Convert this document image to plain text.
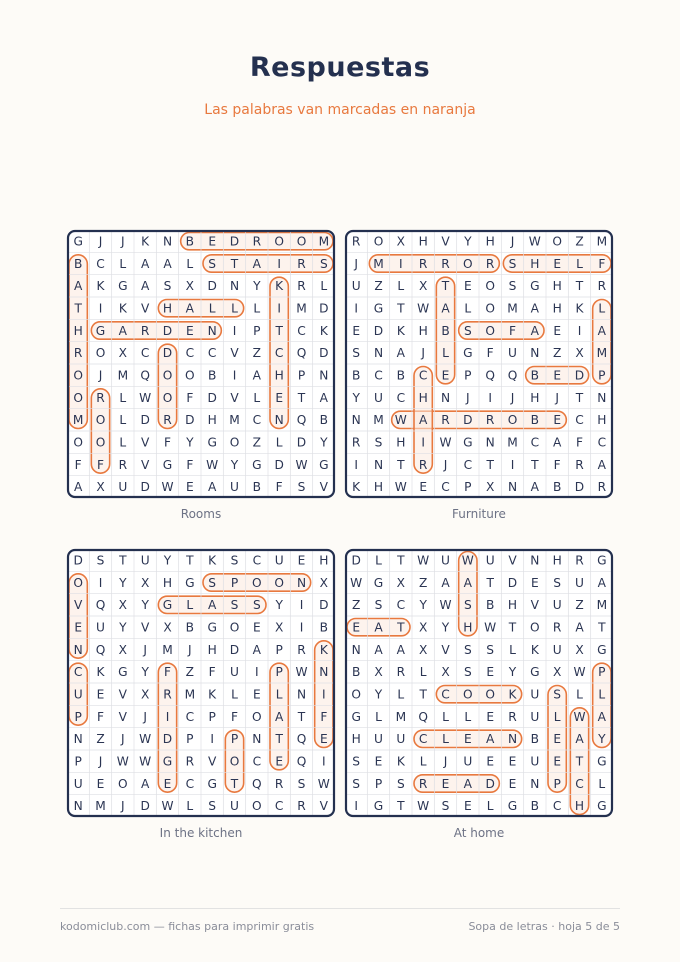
Respuestas
Las palabras van marcadas en naranja
G J J K N B E D R O O M
B C L A A L S T A I R S
A K G A S X D N Y K R L
T I K V H A L L L I M D
H G A R D E N I P T C K
R O X C D C C V Z C Q D
O J M Q O O B I A H P N
O R L W O F D V L E T A
M O L D R D H M C N Q B
O O L V F Y G O Z L D Y
F F R V G F W Y G D W G
A X U D W E A U B F S V
Rooms
R O X H V Y H J W O Z M
J M I R R O R S H E L F
U Z L X T E O S G H T R
I G T W A L O M A H K L
E D K H B S O F A E I A
S N A J L G F U N Z X M
B C B C E P Q Q B E D P
Y U C H N J I J H J T N
N M W A R D R O B E C H
R S H I W G N M C A F C
I N T R J C T I T F R A
K H W E C P X N A B D R
Furniture
D S T U Y T K S C U E H
O I Y X H G S P O O N X
V Q X Y G L A S S Y I D
E U Y V X B G O E X I B
N Q X J M J H D A P R K
C K G Y F Z F U I P W N
U E V X R M K L E L N I
P F V J I C P F O A T F
N Z J W D P I P N T Q E
P J W W G R V O C E Q I
U E O A E C G T Q R S W
N M J D W L S U O C R V
In the kitchen
D L T W U W U V N H R G
W G X Z A A T D E S U A
Z S C Y W S B H V U Z M
E A T X Y H W T O R A T
N A A X V S S L K U X G
B X R L X S E Y G X W P
O Y L T C O O K U S L L
G L M Q L L E R U L W A
H U U C L E A N B E A Y
S E K L J U E E U E T G
S P S R E A D E N P C L
I G T W S E L G B C H G
At home
kodomiclub.com — fichas para imprimir gratis	Sopa de letras · hoja 5 de 5
